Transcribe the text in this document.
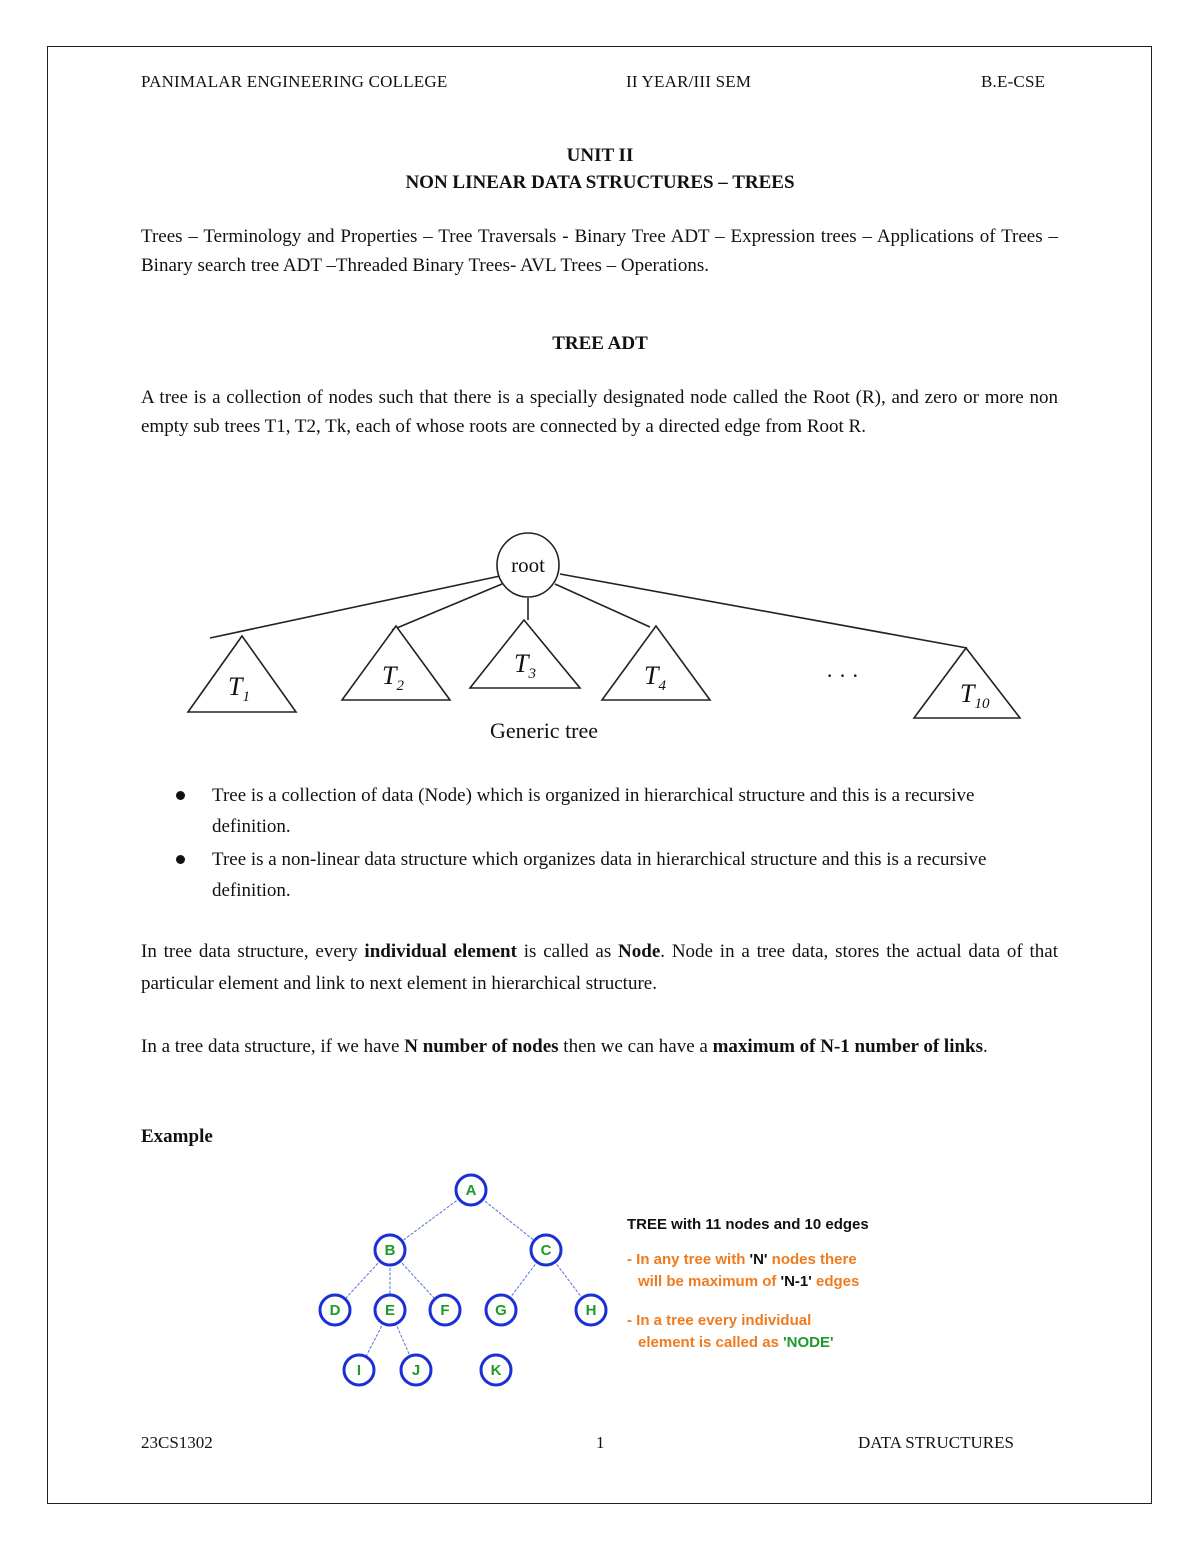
PANIMALAR ENGINEERING COLLEGE	II YEAR/III SEM	B.E-CSE
UNIT II
NON LINEAR DATA STRUCTURES – TREES
Trees – Terminology and Properties – Tree Traversals - Binary Tree ADT – Expression trees – Applications of Trees – Binary search tree ADT –Threaded Binary Trees- AVL Trees – Operations.
TREE ADT
A tree is a collection of nodes such that there is a specially designated node called the Root (R), and zero or more non empty sub trees T1, T2, Tk, each of whose roots are connected by a directed edge from Root R.
root
$T_1$
$T_2$
$T_3$	$T_4$	$T_{10}$
· · ·
Generic tree
Tree is a collection of data (Node) which is organized in hierarchical structure and this is a recursive definition.
Tree is a non-linear data structure which organizes data in hierarchical structure and this is a recursive definition.
In tree data structure, every individual element is called as Node. Node in a tree data, stores the actual data of that particular element and link to next element in hierarchical structure.
In a tree data structure, if we have N number of nodes then we can have a maximum of N-1 number of links.
Example
A
B	C
D	E	F	G	H
I	J	K
TREE with 11 nodes and 10 edges
- In any tree with 'N' nodes there
will be maximum of 'N-1' edges
- In a tree every individual
element is called as 'NODE'
23CS1302	1	DATA STRUCTURES
